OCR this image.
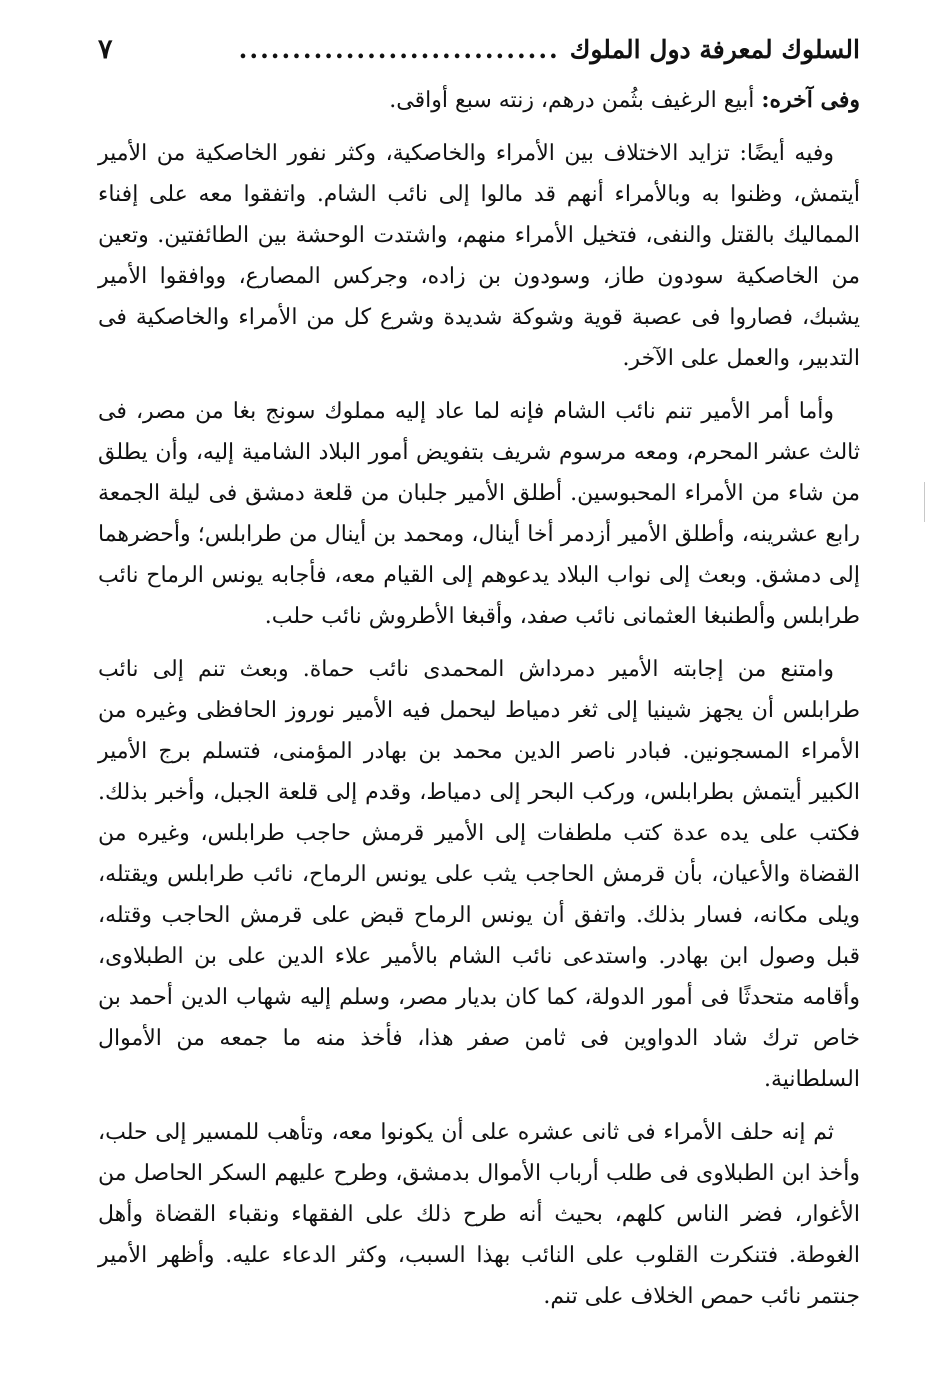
السلوك لمعرفة دول الملوك
..............................
٧

وفى آخره: أبيع الرغيف بثُمن درهم، زنته سبع أواقى.

وفيه أيضًا: تزايد الاختلاف بين الأمراء والخاصكية، وكثر نفور الخاصكية من الأمير أيتمش، وظنوا به وبالأمراء أنهم قد مالوا إلى نائب الشام. واتفقوا معه على إفناء المماليك بالقتل والنفى، فتخيل الأمراء منهم، واشتدت الوحشة بين الطائفتين. وتعين من الخاصكية سودون طاز، وسودون بن زاده، وجركس المصارع، ووافقوا الأمير يشبك، فصاروا فى عصبة قوية وشوكة شديدة وشرع كل من الأمراء والخاصكية فى التدبير، والعمل على الآخر.

وأما أمر الأمير تنم نائب الشام فإنه لما عاد إليه مملوك سونج بغا من مصر، فى ثالث عشر المحرم، ومعه مرسوم شريف بتفويض أمور البلاد الشامية إليه، وأن يطلق من شاء من الأمراء المحبوسين. أطلق الأمير جلبان من قلعة دمشق فى ليلة الجمعة رابع عشرينه، وأطلق الأمير أزدمر أخا أينال، ومحمد بن أينال من طرابلس؛ وأحضرهما إلى دمشق. وبعث إلى نواب البلاد يدعوهم إلى القيام معه، فأجابه يونس الرماح نائب طرابلس وألطنبغا العثمانى نائب صفد، وأقبغا الأطروش نائب حلب.

وامتنع من إجابته الأمير دمرداش المحمدى نائب حماة. وبعث تنم إلى نائب طرابلس أن يجهز شينيا إلى ثغر دمياط ليحمل فيه الأمير نوروز الحافظى وغيره من الأمراء المسجونين. فبادر ناصر الدين محمد بن بهادر المؤمنى، فتسلم برج الأمير الكبير أيتمش بطرابلس، وركب البحر إلى دمياط، وقدم إلى قلعة الجبل، وأخبر بذلك. فكتب على يده عدة كتب ملطفات إلى الأمير قرمش حاجب طرابلس، وغيره من القضاة والأعيان، بأن قرمش الحاجب يثب على يونس الرماح، نائب طرابلس ويقتله، ويلى مكانه، فسار بذلك. واتفق أن يونس الرماح قبض على قرمش الحاجب وقتله، قبل وصول ابن بهادر. واستدعى نائب الشام بالأمير علاء الدين على بن الطبلاوى، وأقامه متحدثًا فى أمور الدولة، كما كان بديار مصر، وسلم إليه شهاب الدين أحمد بن خاص ترك شاد الدواوين فى ثامن صفر هذا، فأخذ منه ما جمعه من الأموال السلطانية.

ثم إنه حلف الأمراء فى ثانى عشره على أن يكونوا معه، وتأهب للمسير إلى حلب، وأخذ ابن الطبلاوى فى طلب أرباب الأموال بدمشق، وطرح عليهم السكر الحاصل من الأغوار، فضر الناس كلهم، بحيث أنه طرح ذلك على الفقهاء ونقباء القضاة وأهل الغوطة. فتنكرت القلوب على النائب بهذا السبب، وكثر الدعاء عليه. وأظهر الأمير جنتمر نائب حمص الخلاف على تنم.
